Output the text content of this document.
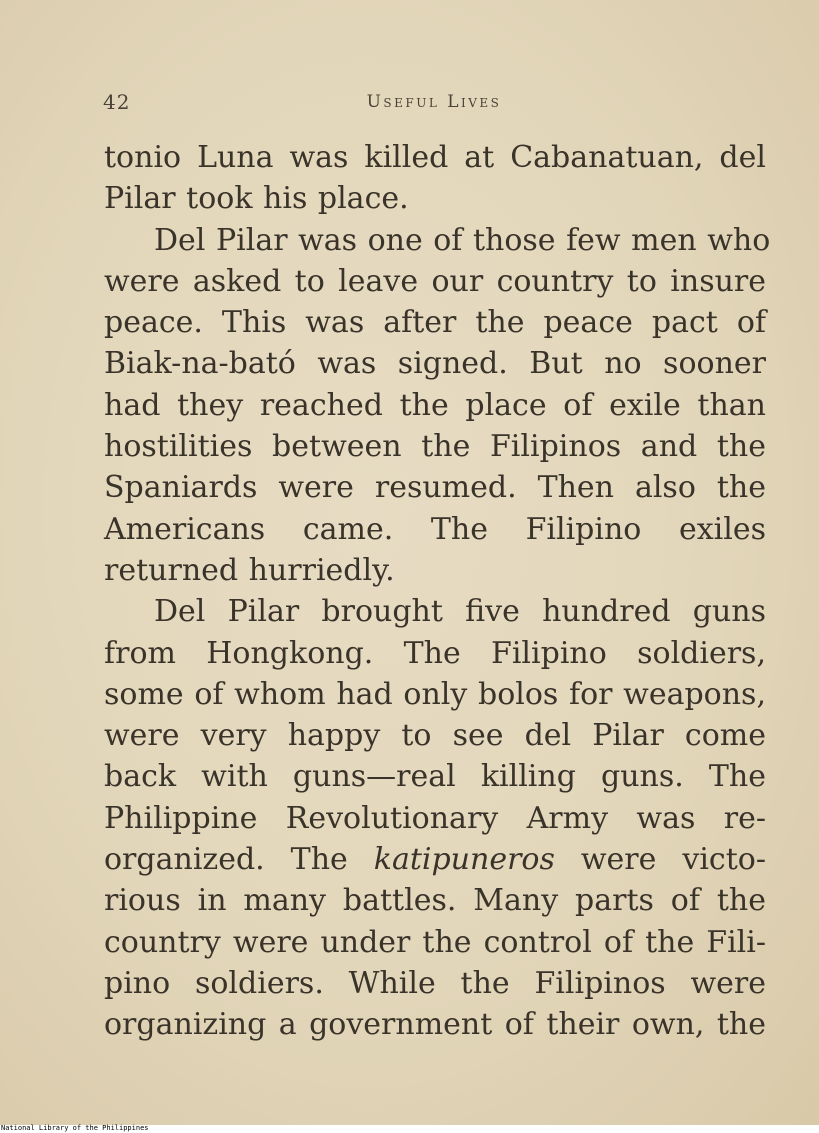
42	Useful Lives
tonio Luna was killed at Cabanatuan, del
Pilar took his place.
Del Pilar was one of those few men who
were asked to leave our country to insure
peace. This was after the peace pact of
Biak-na-bató was signed. But no sooner
had they reached the place of exile than
hostilities between the Filipinos and the
Spaniards were resumed. Then also the
Americans came. The Filipino exiles
returned hurriedly.
Del Pilar brought five hundred guns
from Hongkong. The Filipino soldiers,
some of whom had only bolos for weapons,
were very happy to see del Pilar come
back with guns—real killing guns. The
Philippine Revolutionary Army was re-
organized. The katipuneros were victo-
rious in many battles. Many parts of the
country were under the control of the Fili-
pino soldiers. While the Filipinos were
organizing a government of their own, the
National Library of the Philippines
